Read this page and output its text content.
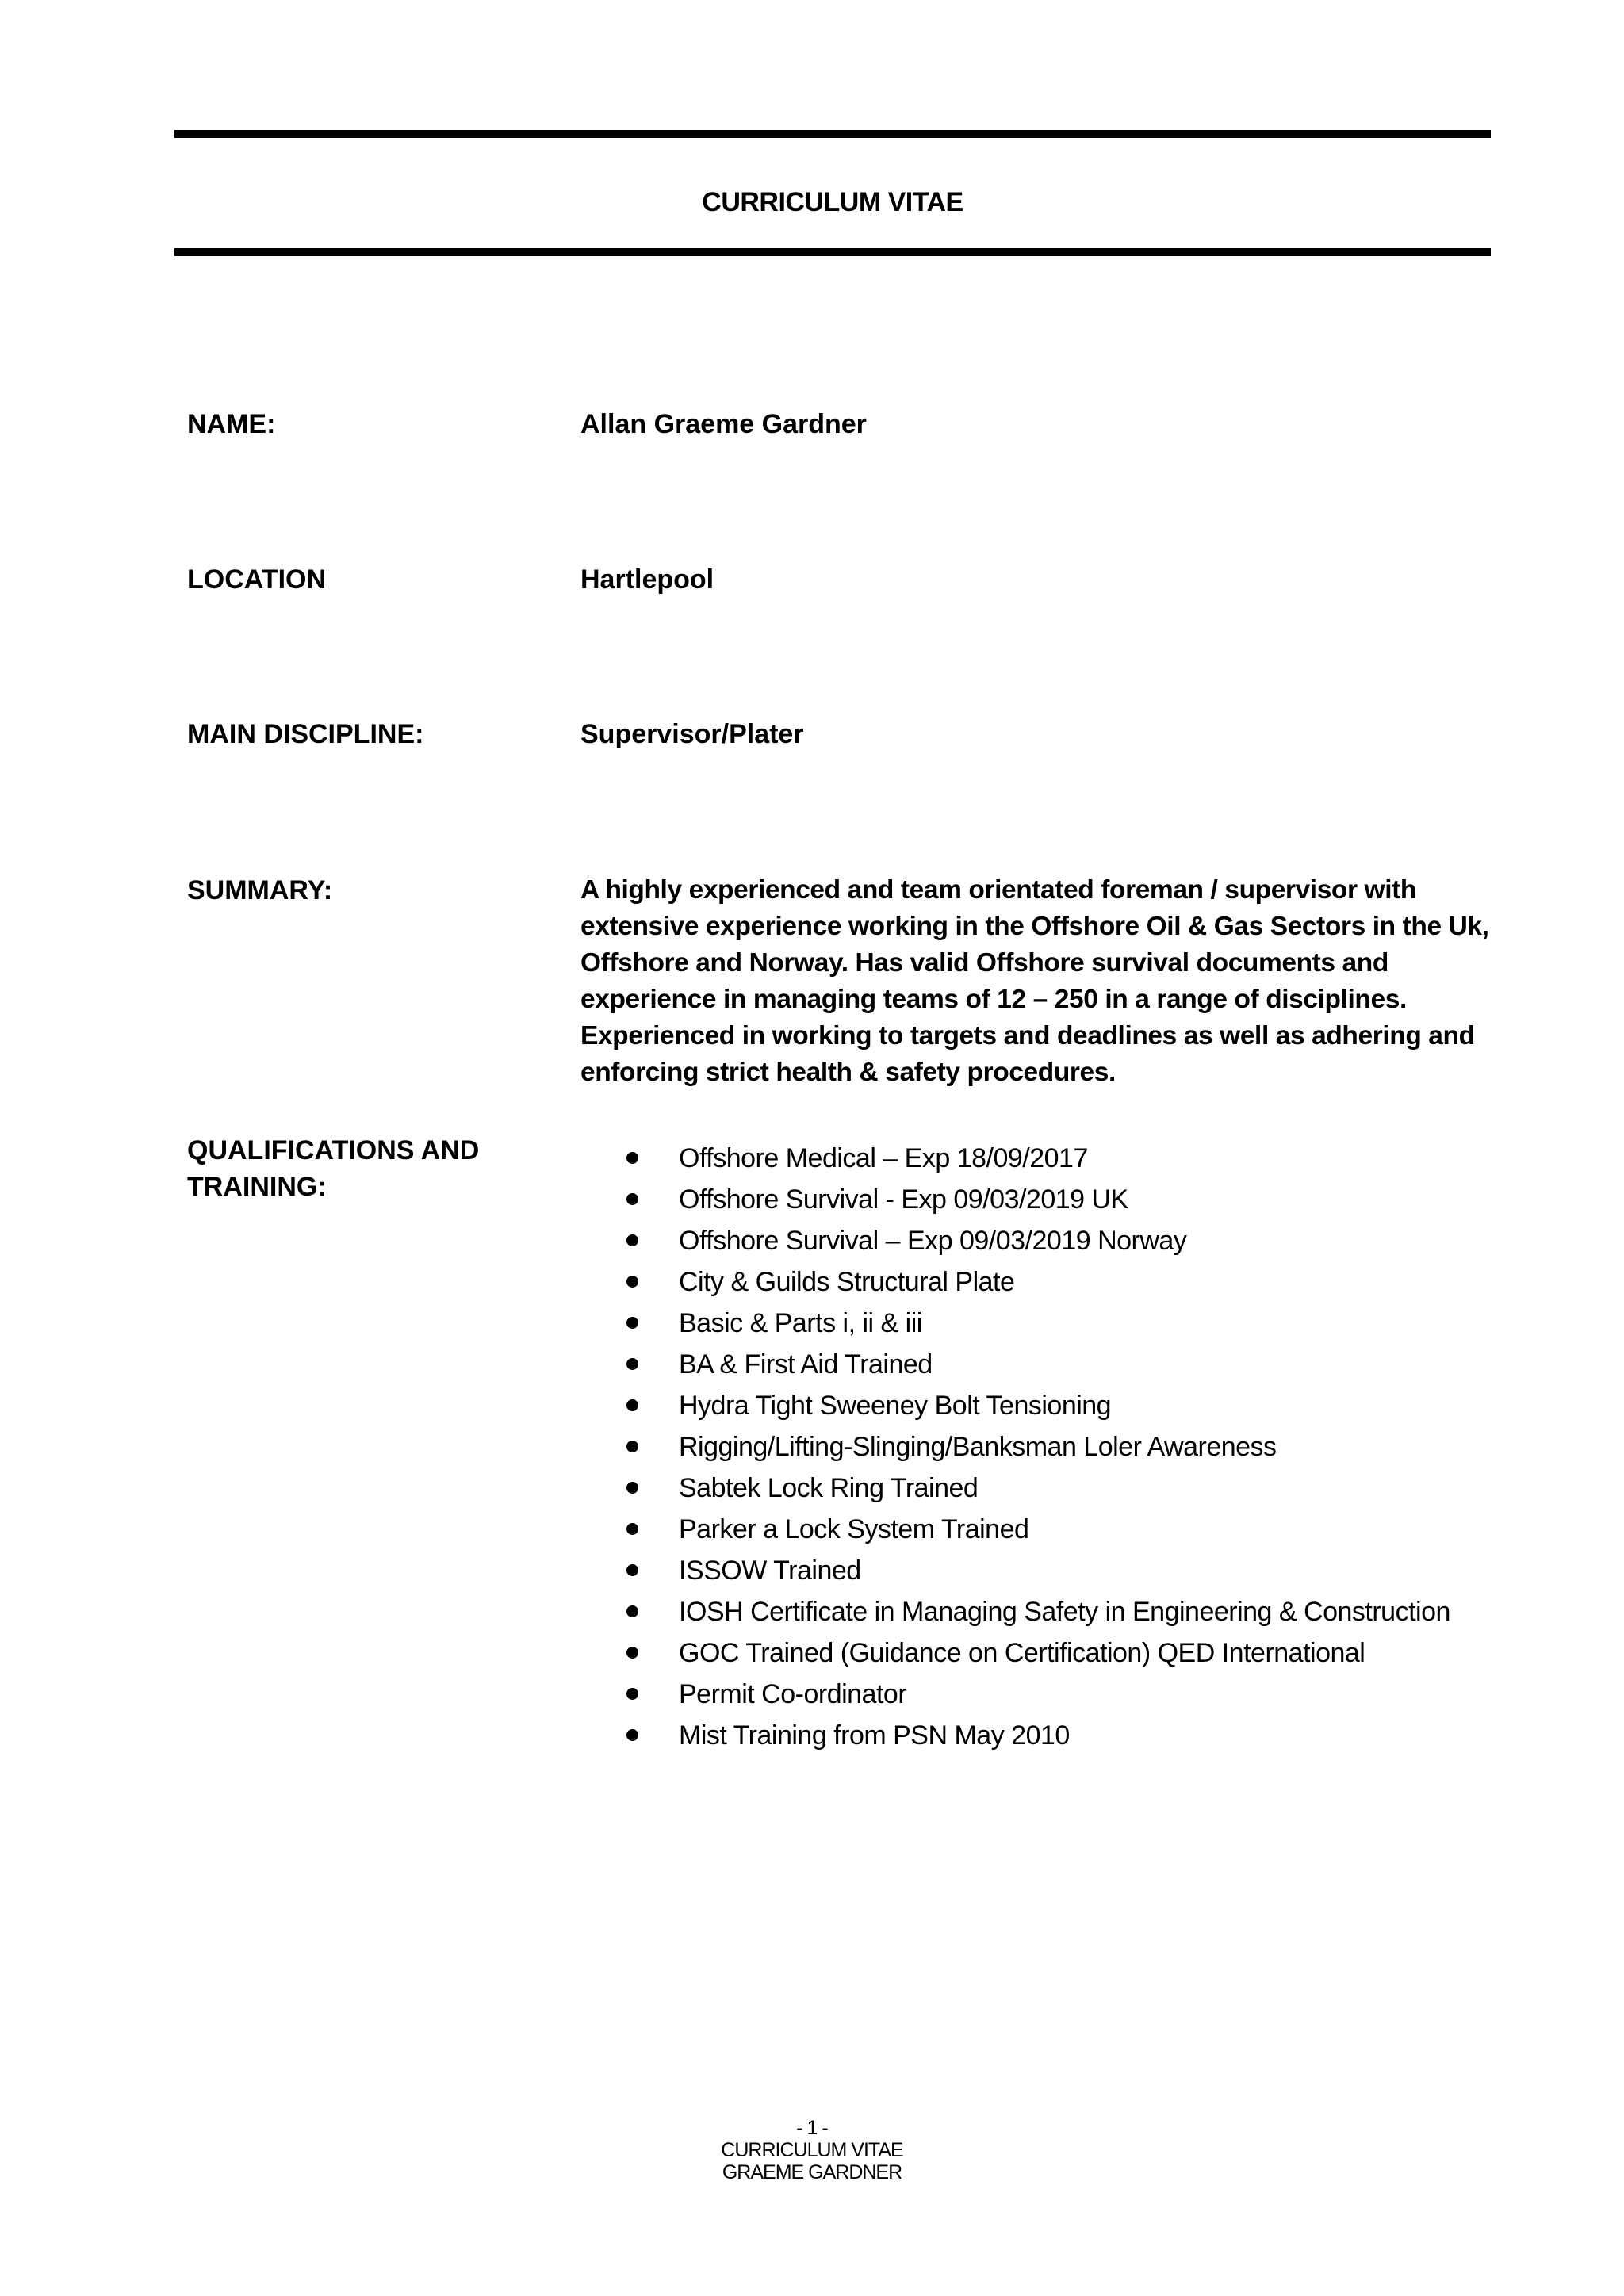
CURRICULUM VITAE
NAME:	Allan Graeme Gardner
LOCATION	Hartlepool
MAIN DISCIPLINE:	Supervisor/Plater
SUMMARY:	A highly experienced and team orientated foreman / supervisor with extensive experience working in the Offshore Oil & Gas Sectors in the Uk, Offshore and Norway. Has valid Offshore survival documents and experience in managing teams of 12 – 250 in a range of disciplines. Experienced in working to targets and deadlines as well as adhering and enforcing strict health & safety procedures.
QUALIFICATIONS AND
TRAINING:
Offshore Medical – Exp 18/09/2017
Offshore Survival - Exp 09/03/2019 UK
Offshore Survival – Exp 09/03/2019 Norway
City & Guilds Structural Plate
Basic & Parts i, ii & iii
BA & First Aid Trained
Hydra Tight Sweeney Bolt Tensioning
Rigging/Lifting-Slinging/Banksman Loler Awareness
Sabtek Lock Ring Trained
Parker a Lock System Trained
ISSOW Trained
IOSH Certificate in Managing Safety in Engineering & Construction
GOC Trained (Guidance on Certification) QED International
Permit Co-ordinator
Mist Training from PSN May 2010
- 1 -
CURRICULUM VITAE
GRAEME GARDNER
